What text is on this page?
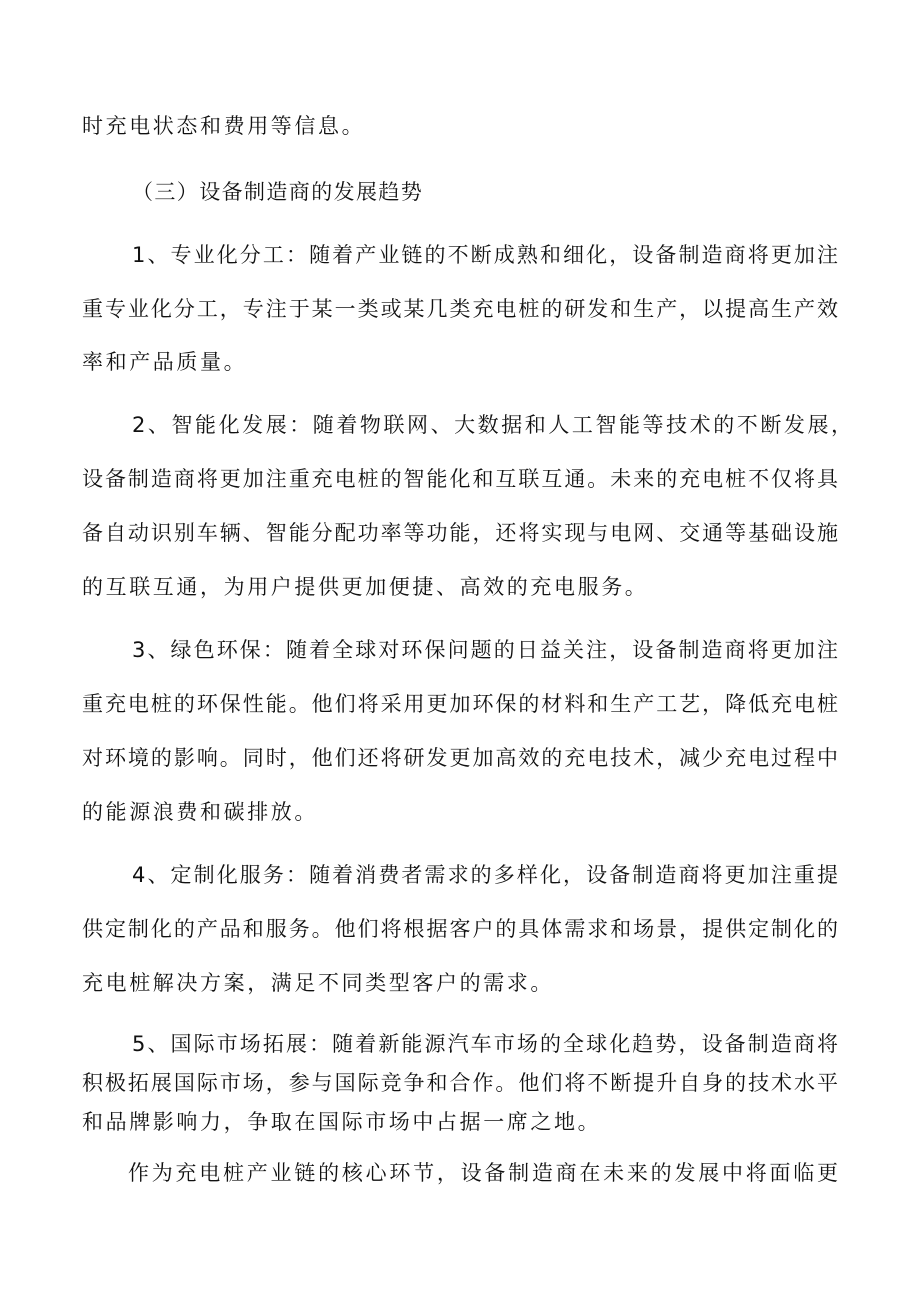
时充电状态和费用等信息。
（三）设备制造商的发展趋势
1、专业化分工：随着产业链的不断成熟和细化，设备制造商将更加注
重专业化分工，专注于某一类或某几类充电桩的研发和生产，以提高生产效
率和产品质量。
2、智能化发展：随着物联网、大数据和人工智能等技术的不断发展，
设备制造商将更加注重充电桩的智能化和互联互通。未来的充电桩不仅将具
备自动识别车辆、智能分配功率等功能，还将实现与电网、交通等基础设施
的互联互通，为用户提供更加便捷、高效的充电服务。
3、绿色环保：随着全球对环保问题的日益关注，设备制造商将更加注
重充电桩的环保性能。他们将采用更加环保的材料和生产工艺，降低充电桩
对环境的影响。同时，他们还将研发更加高效的充电技术，减少充电过程中
的能源浪费和碳排放。
4、定制化服务：随着消费者需求的多样化，设备制造商将更加注重提
供定制化的产品和服务。他们将根据客户的具体需求和场景，提供定制化的
充电桩解决方案，满足不同类型客户的需求。
5、国际市场拓展：随着新能源汽车市场的全球化趋势，设备制造商将
积极拓展国际市场，参与国际竞争和合作。他们将不断提升自身的技术水平
和品牌影响力，争取在国际市场中占据一席之地。
作为充电桩产业链的核心环节，设备制造商在未来的发展中将面临更
